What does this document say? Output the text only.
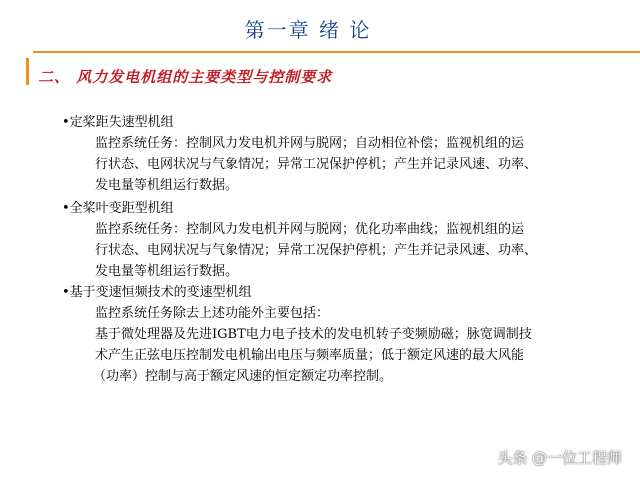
第一章 绪 论
二、 风力发电机组的主要类型与控制要求
•定桨距失速型机组
监控系统任务：控制风力发电机并网与脱网；自动相位补偿；监视机组的运
行状态、电网状况与气象情况；异常工况保护停机；产生并记录风速、功率、
发电量等机组运行数据。
•全桨叶变距型机组
监控系统任务：控制风力发电机并网与脱网；优化功率曲线；监视机组的运
行状态、电网状况与气象情况；异常工况保护停机；产生并记录风速、功率、
发电量等机组运行数据。
•基于变速恒频技术的变速型机组
监控系统任务除去上述功能外主要包括：
基于微处理器及先进IGBT电力电子技术的发电机转子变频励磁；脉宽调制技
术产生正弦电压控制发电机输出电压与频率质量；低于额定风速的最大风能
（功率）控制与高于额定风速的恒定额定功率控制。
头条 @一位工程师
